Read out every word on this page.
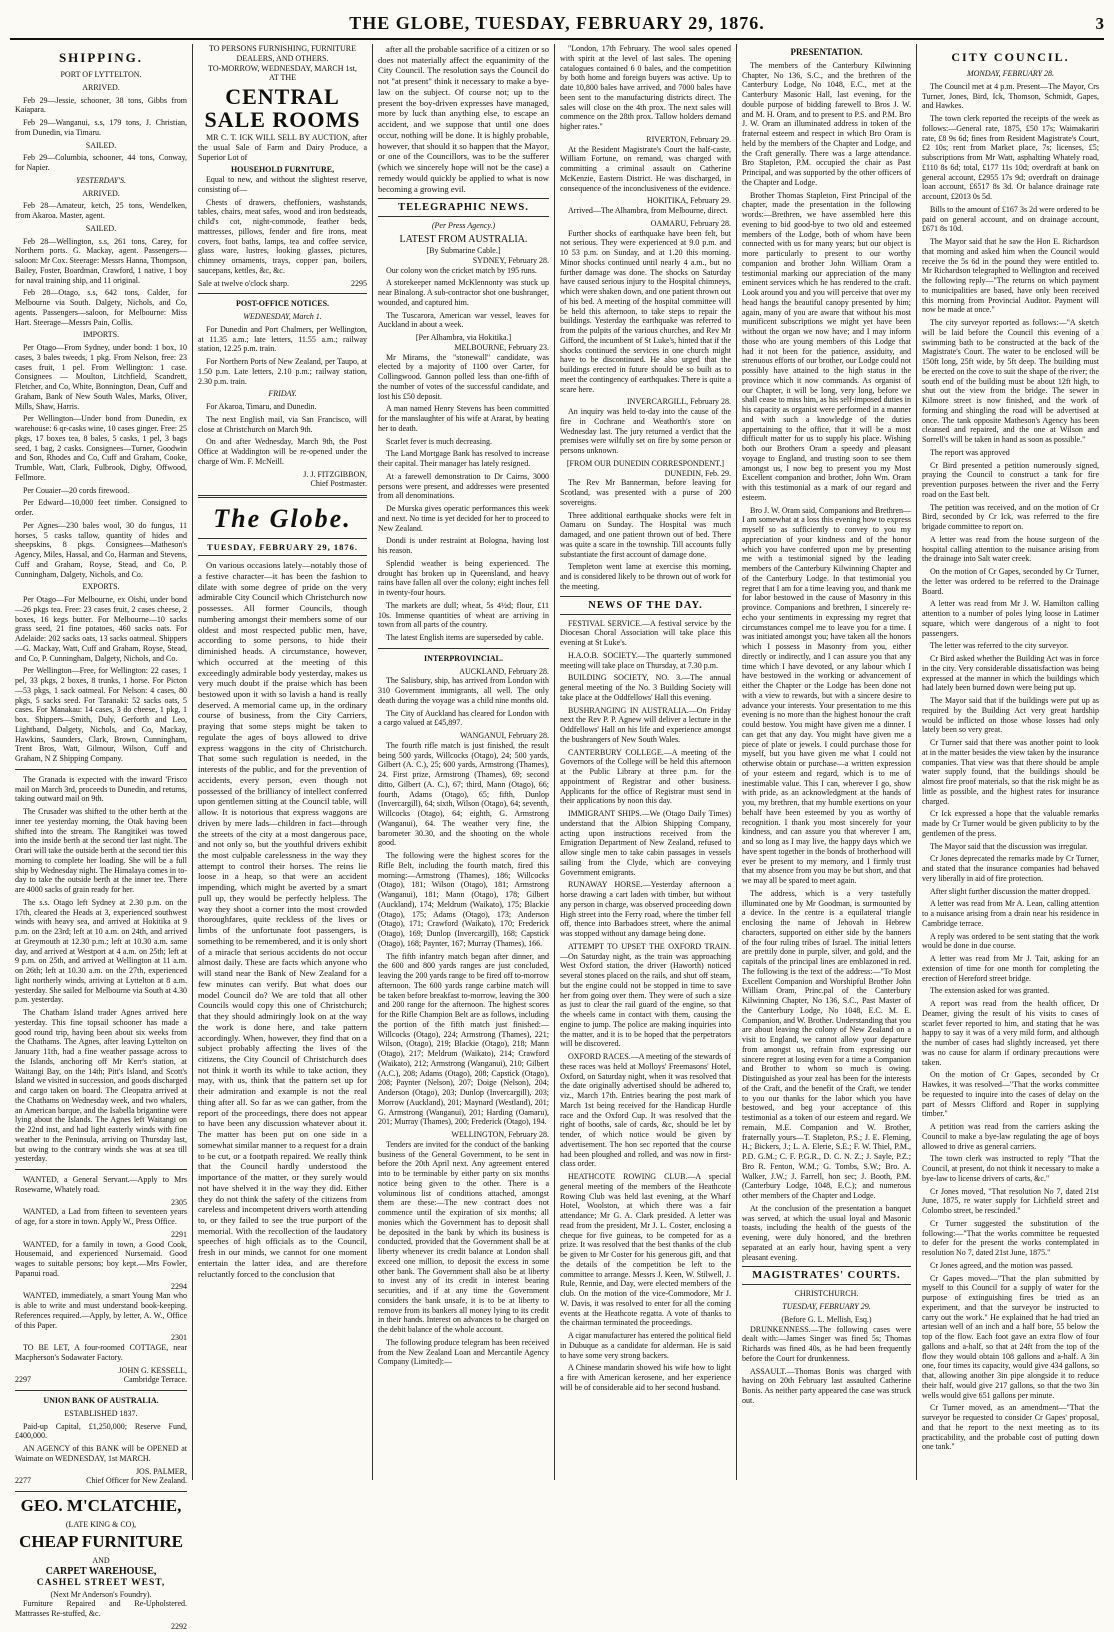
THE GLOBE, TUESDAY, FEBRUARY 29, 1876.	3
SHIPPING.
PORT OF LYTTELTON.
ARRIVED.

Feb 29—Jessie, schooner, 38 tons, Gibbs from Kaiapara.

Feb 29—Wanganui, s.s, 179 tons, J. Christian, from Dunedin, via Timaru.

SAILED.

Feb 29—Columbia, schooner, 44 tons, Conway, for Napier.

YESTERDAY'S.
ARRIVED.

Feb 28—Amateur, ketch, 25 tons, Wendelken, from Akaroa. Master, agent.

SAILED.

Feb 28—Wellington, s.s, 261 tons, Carey, for Northern ports. G. Mackay, agent. Passengers—saloon: Mr Cox. Steerage: Messrs Hanna, Thompson, Bailey, Foster, Boardman, Crawford, 1 native, 1 boy for naval training ship, and 11 original.

Feb 28—Otago, s.s, 642 tons, Calder, for Melbourne via South. Dalgety, Nichols, and Co, agents. Passengers—saloon, for Melbourne: Miss Hart. Steerage—Messrs Pain, Collis.

IMPORTS.

Per Otago—From Sydney, under bond: 1 box, 10 cases, 3 bales tweeds, 1 pkg. From Nelson, free: 23 cases fruit, 1 pel. From Wellington: 1 case. Consignees — Moulton, Litchfield, Scandrett, Fletcher, and Co, White, Bonnington, Dean, Cuff and Graham, Bank of New South Wales, Marks, Oliver, Mills, Shaw, Harris.

Per Wellington—Under bond from Dunedin, ex warehouse: 6 qr-casks wine, 10 cases ginger. Free: 25 pkgs, 17 boxes tea, 8 bales, 5 casks, 1 pel, 3 bags seed, 1 bag, 2 casks. Consignees—Turner, Goodwin and Son, Rhodes and Co, Cuff and Graham, Cooke, Trumble, Watt, Clark, Fulbrook, Digby, Offwood, Fellmore.

Per Couaier—20 cords firewood.

Per Edward—10,000 feet timber. Consigned to order.

Per Agnes—230 bales wool, 30 do fungus, 11 horses, 5 casks tallow, quantity of hides and sheepskins, 8 pkgs. Consignees—Matheson's Agency, Miles, Hassal, and Co, Harman and Stevens, Cuff and Graham, Royse, Stead, and Co, P. Cunningham, Dalgety, Nichols, and Co.

EXPORTS.

Per Otago—For Melbourne, ex Oishi, under bond—26 pkgs tea. Free: 23 cases fruit, 2 cases cheese, 2 boxes, 16 kegs butter. For Melbourne—10 sacks grass seed, 21 fine potatoes, 460 sacks oats. For Adelaide: 202 sacks oats, 13 sacks oatmeal. Shippers—G. Mackay, Watt, Cuff and Graham, Royse, Stead, and Co, P. Cunningham, Dalgety, Nichols, and Co.

Per Wellington—Free, for Wellington: 22 cases, 1 pel, 33 pkgs, 2 boxes, 8 trunks, 1 horse. For Picton —53 pkgs, 1 sack oatmeal. For Nelson: 4 cases, 80 pkgs, 5 sacks seed. For Taranaki: 52 sacks oats, 5 cases. For Manakau: 14 cases, 3 do cheese, 1 pkg, 1 box. Shippers—Smith, Duly, Gerforth and Leo, Lightband, Dalgety, Nichols, and Co, Mackay, Hawkins, Saunders, Clark, Brown, Cunningham, Trent Bros, Watt, Gilmour, Wilson, Cuff and Graham, N Z Shipping Company.

The Granada is expected with the inward 'Frisco mail on March 3rd, proceeds to Dunedin, and returns, taking outward mail on 9th.

The Crusader was shifted to the other berth at the inner tee yesterday morning, the Otak having been shifted into the stream. The Rangitikei was towed into the inside berth at the second tier last night. The Orari will take the outside berth at the second tier this morning to complete her loading. She will be a full ship by Wednesday night. The Himalaya comes in to-day to take the outside berth at the inner tee. There are 4000 sacks of grain ready for her.

The s.s. Otago left Sydney at 2.30 p.m. on the 17th, cleared the Heads at 3, experienced southwest winds with heavy sea, and arrived at Hokitika at 9 p.m. on the 23rd; left at 10 a.m. on 24th, and arrived at Greymouth at 12.30 p.m.; left at 10.30 a.m. same day, and arrived at Westport at 4 a.m. on 25th; left at 9 p.m. on 25th, and arrived at Wellington at 11 a.m. on 26th; left at 10.30 a.m. on the 27th, experienced light northerly winds, arriving at Lyttelton at 8 a.m. yesterday. She sailed for Melbourne via South at 4.30 p.m. yesterday.

The Chatham Island trader Agnes arrived here yesterday. This fine topsail schooner has made a good round trip, having been about six weeks from the Chathams. The Agnes, after leaving Lyttelton on January 11th, had a fine weather passage across to the Islands, anchoring off Mr Kerr's station, at Waitangi Bay, on the 14th; Pitt's Island, and Scott's Island we visited in succession, and goods discharged and cargo taken on board. The Cleopatra arrived at the Chathams on Wednesday week, and two whalers, an American barque, and the Isabella brigantine were lying about the Islands. The Agnes left Waitangi on the 22nd inst, and had light easterly winds with fine weather to the Peninsula, arriving on Thursday last, but owing to the contrary winds she was at sea till yesterday.

WANTED, a General Servant.—Apply to Mrs Rosewarne, Whately road.

2305

WANTED, a Lad from fifteen to seventeen years of age, for a store in town. Apply W., Press Office.

2291

WANTED, for a family in town, a Good Cook, Housemaid, and experienced Nursemaid. Good wages to suitable persons; boy kept.—Mrs Fowler, Papanui road.

2294

WANTED, immediately, a smart Young Man who is able to write and must understand book-keeping. References required.—Apply, by letter, A. W., Office of this Paper.

2301

TO BE LET, A four-roomed COTTAGE, near Macpherson's Sodawater Factory.

JOHN G. KESSELL,
2297	Cambridge Terrace.
UNION BANK OF AUSTRALIA.
ESTABLISHED 1837.

Paid-up Capital, £1,250,000; Reserve Fund, £400,000.

AN AGENCY of this BANK will be OPENED at Waimate on WEDNESDAY, 1st MARCH.

JOS. PALMER,
2277	Chief Officer for New Zealand.
GEO. M'CLATCHIE,
(LATE KING & CO),
CHEAP FURNITURE
AND
CARPET WAREHOUSE,
CASHEL STREET WEST,
(Next Mr Anderson's Foundry).

Furniture Repaired and Re-Upholstered. Mattrasses Re-stuffed, &c.

2292
TO PERSONS FURNISHING, FURNITURE DEALERS, AND OTHERS.
TO-MORROW, WEDNESDAY, MARCH 1st,
AT THE
CENTRAL SALE ROOMS

MR C. T. ICK WILL SELL BY AUCTION, after the usual Sale of Farm and Dairy Produce, a Superior Lot of

HOUSEHOLD FURNITURE,

Equal to new, and without the slightest reserve, consisting of—

Chests of drawers, cheffoniers, washstands, tables, chairs, meat safes, wood and iron bedsteads, child's cot, night-commode, feather beds, mattresses, pillows, fender and fire irons, meat covers, foot baths, lamps, tea and coffee service, glass ware, lustres, looking glasses, pictures, chimney ornaments, trays, copper pan, boilers, saucepans, kettles, &c, &c.

Sale at twelve o'clock sharp.	2295
POST-OFFICE NOTICES.
WEDNESDAY, March 1.

For Dunedin and Port Chalmers, per Wellington, at 11.35 a.m.; late letters, 11.55 a.m.; railway station, 12.25 p.m. train.

For Northern Ports of New Zealand, per Taupo, at 1.50 p.m. Late letters, 2.10 p.m.; railway station, 2.30 p.m. train.

FRIDAY.

For Akaroa, Timaru, and Dunedin.

The next English mail, via San Francisco, will close at Christchurch on March 9th.

On and after Wednesday, March 9th, the Post Office at Waddington will be re-opened under the charge of Wm. F. McNeill.

J. J. FITZGIBBON,
Chief Postmaster.
The Globe.
TUESDAY, FEBRUARY 29, 1876.

On various occasions lately—notably those of a festive character—it has been the fashion to dilate with some degree of pride on the very admirable City Council which Christchurch now possesses. All former Councils, though numbering amongst their members some of our oldest and most respected public men, have, according to some persons, to hide their diminished heads. A circumstance, however, which occurred at the meeting of this exceedingly admirable body yesterday, makes us very much doubt if the praise which has been bestowed upon it with so lavish a hand is really deserved. A memorial came up, in the ordinary course of business, from the City Carriers, praying that some steps might be taken to regulate the ages of boys allowed to drive express waggons in the city of Christchurch. That some such regulation is needed, in the interests of the public, and for the prevention of accidents, every person, even though not possessed of the brilliancy of intellect conferred upon gentlemen sitting at the Council table, will allow. It is notorious that express waggons are driven by mere lads—children in fact—through the streets of the city at a most dangerous pace, and not only so, but the youthful drivers exhibit the most culpable carelessness in the way they attempt to control their horses. The reins lie loose in a heap, so that were an accident impending, which might be averted by a smart pull up, they would be perfectly helpless. The way they shoot a corner into the most crowded thoroughfares, quite reckless of the lives or limbs of the unfortunate foot passengers, is something to be remembered, and it is only short of a miracle that serious accidents do not occur almost daily. These are facts which anyone who will stand near the Bank of New Zealand for a few minutes can verify. But what does our model Council do? We are told that all other Councils would copy this one of Christchurch; that they should admiringly look on at the way the work is done here, and take pattern accordingly. When, however, they find that on a subject probably affecting the lives of the citizens, the City Council of Christchurch does not think it worth its while to take action, they may, with us, think that the pattern set up for their admiration and example is not the real thing after all. So far as we can gather, from the report of the proceedings, there does not appear to have been any discussion whatever about it. The matter has been put on one side in a somewhat similar manner to a request for a drain to be cut, or a footpath repaired. We really think that the Council hardly understood the importance of the matter, or they surely would not have shelved it in the way they did. Either they do not think the safety of the citizens from careless and incompetent drivers worth attending to, or they failed to see the true purport of the memorial. With the recollection of the laudatory speeches of high officials as to the Council, fresh in our minds, we cannot for one moment entertain the latter idea, and are therefore reluctantly forced to the conclusion that

after all the probable sacrifice of a citizen or so does not materially affect the equanimity of the City Council. The resolution says the Council do not "at present" think it necessary to make a bye-law on the subject. Of course not; up to the present the boy-driven expresses have managed, more by luck than anything else, to escape an accident, and we suppose that until one does occur, nothing will be done. It is highly probable, however, that should it so happen that the Mayor, or one of the Councillors, was to be the sufferer (which we sincerely hope will not be the case) a remedy would quickly be applied to what is now becoming a growing evil.

TELEGRAPHIC NEWS.
(Per Press Agency.)
LATEST FROM AUSTRALIA.
[By Submarine Cable.]
SYDNEY, February 28.

Our colony won the cricket match by 195 runs.

A storekeeper named McKlennonty was stuck up near Binalong. A sub-contractor shot one bushranger, wounded, and captured him.

The Tuscarora, American war vessel, leaves for Auckland in about a week.

[Per Alhambra, via Hokitika.]
MELBOURNE, February 23.

Mr Mirams, the "stonewall" candidate, was elected by a majority of 1100 over Carter, for Collingwood. Gannon polled less than one-fifth of the number of votes of the successful candidate, and lost his £50 deposit.

A man named Henry Stevens has been committed for the manslaughter of his wife at Ararat, by beating her to death.

Scarlet fever is much decreasing.

The Land Mortgage Bank has resolved to increase their capital. Their manager has lately resigned.

At a farewell demonstration to Dr Cairns, 3000 persons were present, and addresses were presented from all denominations.

De Murska gives operatic performances this week and next. No time is yet decided for her to proceed to New Zealand.

Dondi is under restraint at Bologna, having lost his reason.

Splendid weather is being experienced. The drought has broken up in Queensland, and heavy rains have fallen all over the colony; eight inches fell in twenty-four hours.

The markets are dull; wheat, 5s 4½d; flour, £11 10s. Immense quantities of wheat are arriving in town from all parts of the country.

The latest English items are superseded by cable.

INTERPROVINCIAL.
AUCKLAND, February 28.

The Salisbury, ship, has arrived from London with 310 Government immigrants, all well. The only death during the voyage was a child nine months old.

The City of Auckland has cleared for London with a cargo valued at £45,897.

WANGANUI, February 28.

The fourth rifle match is just finished, the result being 500 yards, Willcocks (Otago), 24; 500 yards, Gilbert (A. C.), 25; 600 yards, Armstrong (Thames), 24. First prize, Armstrong (Thames), 69; second ditto, Gilbert (A. C.), 67; third, Mann (Otago), 66; fourth, Adams (Otago), 65; fifth, Dunlop (Invercargill), 64; sixth, Wilson (Otago), 64; seventh, Willcocks (Otago), 64; eighth, G. Armstrong (Wanganui), 64. The weather very fine, the barometer 30.30, and the shooting on the whole good.

The following were the highest scores for the Rifle Belt, including the fourth match, fired this morning:—Armstrong (Thames), 186; Willcocks (Otago), 181; Wilson (Otago), 181; Armstrong (Wanganui), 181; Mann (Otago), 178; Gilbert (Auckland), 174; Meldrum (Waikato), 175; Blackie (Otago), 175; Adams (Otago), 173; Anderson (Otago), 171; Crawford (Waikato), 170; Frederick (Otago), 169; Dunlop (Invercargill), 168; Capstick (Otago), 168; Paynter, 167; Murray (Thames), 166.

The fifth infantry match began after dinner, and the 600 and 800 yards ranges are just concluded, leaving the 200 yards range to be fired off to-morrow afternoon. The 600 yards range carbine match will be taken before breakfast to-morrow, leaving the 300 and 200 range for the afternoon. The highest scores for the Rifle Champion Belt are as follows, including the portion of the fifth match just finished:—Willcocks (Otago), 224; Armstrong (Thames), 221; Wilson, (Otago), 219; Blackie (Otago), 218; Mann (Otago), 217; Meldrum (Waikato), 214; Crawford (Waikato), 212; Armstrong (Wanganui), 210; Gilbert (A.C.), 208; Adams (Otago), 208; Capstick (Otago), 208; Paynter (Nelson), 207; Doige (Nelson), 204; Anderson (Otago), 203; Dunlop (Invercargill), 203; Morrow (Auckland), 201; Maynard (Westland), 201; G. Armstrong (Wanganui), 201; Harding (Oamaru), 201; Murray (Thames), 200; Frederick (Otago), 194.

WELLINGTON, February 28.

Tenders are invited for the conduct of the banking business of the General Government, to be sent in before the 20th April next. Any agreement entered into to be terminable by either party on six months notice being given to the other. There is a voluminous list of conditions attached, amongst them are these:—The new contract does not commence until the expiration of six months; all monies which the Government has to deposit shall be deposited in the bank by which its business is conducted, provided that the Government shall be at liberty whenever its credit balance at London shall exceed one million, to deposit the excess in some other bank. The Government shall also be at liberty to invest any of its credit in interest bearing securities, and if at any time the Government considers the bank unsafe, it is to be at liberty to remove from its bankers all money lying to its credit in their hands. Interest on advances to be charged on the debit balance of the whole account.

The following produce telegram has been received from the New Zealand Loan and Mercantile Agency Company (Limited):—

"London, 17th February. The wool sales opened with spirit at the level of last sales. The opening catalogues contained 6 0 bales, and the competition by both home and foreign buyers was active. Up to date 10,800 bales have arrived, and 7000 bales have been sent to the manufacturing districts direct. The sales will close on the 4th prox. The next sales will commence on the 28th prox. Tallow holders demand higher rates."

RIVERTON, February 29.

At the Resident Magistrate's Court the half-caste, William Fortune, on remand, was charged with committing a criminal assault on Catherine McKenzie, Eastern District. He was discharged, in consequence of the inconclusiveness of the evidence.

HOKITIKA, February 29.

Arrived—The Alhambra, from Melbourne, direct.

OAMARU, February 28.

Further shocks of earthquake have been felt, but not serious. They were experienced at 9.0 p.m. and 10 53 p.m. on Sunday, and at 1.20 this morning. Minor shocks continued until nearly 4 a.m., but no further damage was done. The shocks on Saturday have caused serious injury to the Hospital chimneys, which were shaken down, and one patient thrown out of his bed. A meeting of the hospital committee will be held this afternoon, to take steps to repair the buildings. Yesterday the earthquake was referred to from the pulpits of the various churches, and Rev Mr Gifford, the incumbent of St Luke's, hinted that if the shocks continued the services in one church might have to be discontinued. He also urged that the buildings erected in future should be so built as to meet the contingency of earthquakes. There is quite a scare here.

INVERCARGILL, February 28.

An inquiry was held to-day into the cause of the fire in Cochrane and Weathorth's store on Wednesday last. The jury returned a verdict that the premises were wilfully set on fire by some person or persons unknown.

[FROM OUR DUNEDIN CORRESPONDENT.]
DUNEDIN, Feb. 29.

The Rev Mr Bannerman, before leaving for Scotland, was presented with a purse of 200 sovereigns.

Three additional earthquake shocks were felt in Oamaru on Sunday. The Hospital was much damaged, and one patient thrown out of bed. There was quite a scare in the township. Till accounts fully substantiate the first account of damage done.

Templeton went lame at exercise this morning, and is considered likely to be thrown out of work for the meeting.

NEWS OF THE DAY.

FESTIVAL SERVICE.—A festival service by the Diocesan Choral Association will take place this evening at St Luke's.

H.A.O.B. SOCIETY.—The quarterly summoned meeting will take place on Thursday, at 7.30 p.m.

BUILDING SOCIETY, NO. 3.—The annual general meeting of the No. 3 Building Society will take place at the Oddfellows' Hall this evening.

BUSHRANGING IN AUSTRALIA.—On Friday next the Rev P. P. Agnew will deliver a lecture in the Oddfellows' Hall on his life and experience amongst the bushrangers of New South Wales.

CANTERBURY COLLEGE.—A meeting of the Governors of the College will be held this afternoon at the Public Library at three p.m. for the appointment of Registrar and other business. Applicants for the office of Registrar must send in their applications by noon this day.

IMMIGRANT SHIPS.—We (Otago Daily Times) understand that the Albion Shipping Company, acting upon instructions received from the Emigration Department of New Zealand, refused to allow single men to take cabin passages in vessels sailing from the Clyde, which are conveying Government emigrants.

RUNAWAY HORSE.—Yesterday afternoon a horse drawing a cart laden with timber, but without any person in charge, was observed proceeding down High street into the Ferry road, where the timber fell off, thence into Barbadoes street, where the animal was stopped without any damage being done.

ATTEMPT TO UPSET THE OXFORD TRAIN.—On Saturday night, as the train was approaching West Oxford station, the driver (Haworth) noticed several stones placed on the rails, and shut off steam, but the engine could not be stopped in time to save her from going over them. They were of such a size as just to clear the rail guard of the engine, so that the wheels came in contact with them, causing the engine to jump. The police are making inquiries into the matter, and it is to be hoped that the perpetrators will be discovered.

OXFORD RACES.—A meeting of the stewards of these races was held at Molloys' Freemasons' Hotel, Oxford, on Saturday night, when it was resolved that the date originally advertised should be adhered to, viz., March 17th. Entries bearing the post mark of March 1st being received for the Handicap Hurdle race and the Oxford Cup. It was resolved that the right of booths, sale of cards, &c, should be let by tender, of which notice would be given by advertisement. The hon sec reported that the course had been ploughed and rolled, and was now in first-class order.

HEATHCOTE ROWING CLUB.—A special general meeting of the members of the Heathcote Rowing Club was held last evening, at the Wharf Hotel, Woolston, at which there was a fair attendance; Mr G. A. Clark presided. A letter was read from the president, Mr J. L. Coster, enclosing a cheque for five guineas, to be competed for as a prize. It was resolved that the best thanks of the club be given to Mr Coster for his generous gift, and that the details of the competition be left to the committee to arrange. Messrs J. Keen, W. Stilwell, J. Rule, Rennie, and Day, were elected members of the club. On the motion of the vice-Commodore, Mr J. W. Davis, it was resolved to enter for all the coming events at the Heathcote regatta. A vote of thanks to the chairman terminated the proceedings.

A cigar manufacturer has entered the political field in Dubuque as a candidate for alderman. He is said to have some very strong backers.

A Chinese mandarin showed his wife how to light a fire with American kerosene, and her experience will be of considerable aid to her second husband.

PRESENTATION.

The members of the Canterbury Kilwinning Chapter, No 136, S.C., and the brethren of the Canterbury Lodge, No 1048, E.C., met at the Canterbury Masonic Hall, last evening, for the double purpose of bidding farewell to Bros J. W. and M. H. Oram, and to present to P.S. and P.M. Bro J. W. Oram an illuminated address in token of the fraternal esteem and respect in which Bro Oram is held by the members of the Chapter and Lodge, and the Craft generally. There was a large attendance. Bro Stapleton, P.M. occupied the chair as Past Principal, and was supported by the other officers of the Chapter and Lodge.

Brother Thomas Stapleton, First Principal of the chapter, made the presentation in the following words:—Brethren, we have assembled here this evening to bid good-bye to two old and esteemed members of the Lodge, both of whom have been connected with us for many years; but our object is more particularly to present to our worthy companion and brother John William Oram a testimonial marking our appreciation of the many eminent services which he has rendered to the craft. Look around you and you will perceive that over my head hangs the beautiful canopy presented by him; again, many of you are aware that without his most munificent subscriptions we might yet have been without the organ we now have; and I may inform those who are young members of this Lodge that had it not been for the patience, assiduity, and strenuous efforts of our brother, our Lodge could not possibly have attained to the high status in the province which it now commands. As organist of our Chapter, it will be long, very long, before we shall cease to miss him, as his self-imposed duties in his capacity as organist were performed in a manner and with such a knowledge of the duties appertaining to the office, that it will be a most difficult matter for us to supply his place. Wishing both our Brothers Oram a speedy and pleasant voyage to England, and trusting soon to see them amongst us, I now beg to present you my Most Excellent companion and brother, John Wm. Oram with this testimonial as a mark of our regard and esteem.

Bro J. W. Oram said, Companions and Brethren—I am somewhat at a loss this evening how to express myself so as sufficiently to convey to you my appreciation of your kindness and of the honor which you have conferred upon me by presenting me with a testimonial signed by the leading members of the Canterbury Kilwinning Chapter and of the Canterbury Lodge. In that testimonial you regret that I am for a time leaving you, and thank me for labor bestowed in the cause of Masonry in this province. Companions and brethren, I sincerely re-echo your sentiments in expressing my regret that circumstances compel me to leave you for a time. I was initiated amongst you; have taken all the honors which I possess in Masonry from you, either directly or indirectly, and I can assure you that any time which I have devoted, or any labour which I have bestowed in the working or advancement of either the Chapter or the Lodge has been done not with a view to rewards, but with a sincere desire to advance your interests. Your presentation to me this evening is no more than the highest honour the craft could bestow. You might have given me a dinner. I can get that any day. You might have given me a piece of plate or jewels. I could purchase those for myself, but you have given me what I could not otherwise obtain or purchase—a written expression of your esteem and regard, which is to me of inestimable value. This I can, wherever I go, show with pride, as an acknowledgment at the hands of you, my brethren, that my humble exertions on your behalf have been esteemed by you as worthy of recognition. I thank you most sincerely for your kindness, and can assure you that wherever I am, and so long as I may live, the happy days which we have spent together in the bonds of brotherhood will ever be present to my memory, and I firmly trust that my absence from you may be but short, and that we may all be spared to meet again.

The address, which is a very tastefully illuminated one by Mr Goodman, is surmounted by a device. In the centre is a equilateral triangle enclosing the name of Jehovah in Hebrew characters, supported on either side by the banners of the four ruling tribes of Israel. The initial letters are prettily done in purple, silver, and gold, and the capitals of the principal lines are emblazoned in red. The following is the text of the address:—"To Most Excellent Companion and Worshipful Brother John William Oram, Princ.pal of the Canterbury Kilwinning Chapter, No 136, S.C., Past Master of the Canterbury Lodge, No 1048, E.C. M. E. Companion, and W. Brother. Understanding that you are about leaving the colony of New Zealand on a visit to England, we cannot allow your departure from amongst us, refrain from expressing our sincere regret at losing even for a time a Companion and Brother to whom so much is owing. Distinguished as your zeal has been for the interests of the Craft, and the benefit of the Craft, we tender to you our thanks for the labor which you have bestowed, and beg your acceptance of this testimonial as a token of our esteem and regard. We remain, M.E. Companion and W. Brother, fraternally yours—T. Stapleton, P.S.; J. E. Fleming, H.; Bickers, J.; L. A. Elerie, S.E.; F. W. Thiel, P.M., P.D. G.M.; C. F. P.G.R., D. C. N. Z.; J. Sayle, P.Z.; Bro R. Fenton, W.M.; G. Tombs, S.W.; Bro. A. Walker, J.W.; J. Farrell, hon sec; J. Booth, P.M. (Canterbury Lodge, 1048, E.C.); and numerous other members of the Chapter and Lodge.

At the conclusion of the presentation a banquet was served, at which the usual loyal and Masonic toasts, including the health of the guests of the evening, were duly honored, and the brethren separated at an early hour, having spent a very pleasant evening.

MAGISTRATES' COURTS.
CHRISTCHURCH.
TUESDAY, FEBRUARY 29.
(Before G. L. Mellish, Esq.)

DRUNKENNESS.—The following cases were dealt with:—James Singer was fined 5s; Thomas Richards was fined 40s, as he had been frequently before the Court for drunkenness.

ASSAULT.—Thomas Bonis was charged with having on 20th February last assaulted Catherine Bonis. As neither party appeared the case was struck out.

CITY COUNCIL.
MONDAY, FEBRUARY 28.

The Council met at 4 p.m. Present—The Mayor, Crs Turner, Jones, Bird, Ick, Thomson, Schmidt, Gapes, and Hawkes.

The town clerk reported the receipts of the week as follows:—General rate, 1875, £50 17s; Waimakariri rate, £8 9s 6d; fines from Resident Magistrate's Court, £2 10s; rent from Market place, 7s; licenses, £5; subscriptions from Mr Watt, asphalting Whately road, £110 8s 6d; total, £177 11s 10d; overdraft at bank on general account, £2955 17s 9d; overdraft on drainage loan account, £6517 8s 3d. Or balance drainage rate account, £2013 0s 5d.

Bills to the amount of £167 3s 2d were ordered to be paid on general account, and on drainage account, £671 8s 10d.

The Mayor said that he saw the Hon E. Richardson that morning and asked him when the Council would receive the 5s 6d in the pound they were entitled to. Mr Richardson telegraphed to Wellington and received the following reply—"The returns on which payment to municipalities are based, have only been received this morning from Provincial Auditor. Payment will now be made at once."

The city surveyor reported as follows:—"A sketch will be laid before the Council this evening of a swimming bath to be constructed at the back of the Magistrate's Court. The water to be enclosed will be 150ft long, 25ft wide, by 5ft deep. The building must be erected on the cove to suit the shape of the river; the south end of the building must be about 12ft high, to shut out the view from the bridge. The sewer in Kilmore street is now finished, and the work of forming and shingling the road will be advertised at once. The tank opposite Matheson's Agency has been cleansed and repaired, and the one at Wilson and Sorrell's will be taken in hand as soon as possible."

The report was approved

Cr Bird presented a petition numerously signed, praying the Council to construct a tank for fire prevention purposes between the river and the Ferry road on the East belt.

The petition was received, and on the motion of Cr Bird, seconded by Cr Ick, was referred to the fire brigade committee to report on.

A letter was read from the house surgeon of the hospital calling attention to the nuisance arising from the drainage into Salt water creek.

On the motion of Cr Gapes, seconded by Cr Turner, the letter was ordered to be referred to the Drainage Board.

A letter was read from Mr J. W. Hamilton calling attention to a number of poles lying loose in Latimer square, which were dangerous of a night to foot passengers.

The letter was referred to the city surveyor.

Cr Bird asked whether the Building Act was in force in the city. Very considerable dissatisfaction was being expressed at the manner in which the buildings which had lately been burned down were being put up.

The Mayor said that if the buildings were put up as required by the Building Act very great hardship would be inflicted on those whose losses had only lately been so very great.

Cr Turner said that there was another point to look at in the matter besides the view taken by the insurance companies. That view was that there should be ample water supply found, that the buildings should be almost fire proof materials, so that the risk might be as little as possible, and the highest rates for insurance charged.

Cr Ick expressed a hope that the valuable remarks made by Cr Turner would be given publicity to by the gentlemen of the press.

The Mayor said that the discussion was irregular.

Cr Jones deprecated the remarks made by Cr Turner, and stated that the insurance companies had behaved very liberally in aid of fire protection.

After slight further discussion the matter dropped.

A letter was read from Mr A. Lean, calling attention to a nuisance arising from a drain near his residence in Cambridge terrace.

A reply was ordered to be sent stating that the work would be done in due course.

A letter was read from Mr J. Tait, asking for an extension of time for one month for completing the erection of Hereford street bridge.

The extension asked for was granted.

A report was read from the health officer, Dr Deamer, giving the result of his visits to cases of scarlet fever reported to him, and stating that he was happy to say it was of a very mild form, and although the number of cases had slightly increased, yet there was no cause for alarm if ordinary precautions were taken.

On the motion of Cr Gapes, seconded by Cr Hawkes, it was resolved—"That the works committee be requested to inquire into the cases of delay on the part of Messrs Clifford and Roper in supplying timber."

A petition was read from the carriers asking the Council to make a bye-law regulating the age of boys allowed to drive as general carriers.

The town clerk was instructed to reply "That the Council, at present, do not think it necessary to make a bye-law to license drivers of carts, &c."

Cr Jones moved, "That resolution No 7, dated 21st June, 1875, re water supply for Lichfield street and Colombo street, be rescinded."

Cr Turner suggested the substitution of the following:—"That the works committee be requested to defer for the present the works contemplated in resolution No 7, dated 21st June, 1875."

Cr Jones agreed, and the motion was passed.

Cr Gapes moved—"That the plan submitted by myself to this Council for a supply of water for the purpose of extinguishing fires be tried as an experiment, and that the surveyor be instructed to carry out the work." He explained that he had tried an artesian well of an inch and a half bore, 55 below the top of the flow. Each foot gave an extra flow of four gallons and a-half, so that at 24ft from the top of the flow they would obtain 108 gallons and a-half. A 3in one, four times its capacity, would give 434 gallons, so that, allowing another 3in pipe alongside it to reduce their half, would give 217 gallons, so that the two 3in wells would give 651 gallons per minute.

Cr Turner moved, as an amendment—"That the surveyor be requested to consider Cr Gapes' proposal, and that he report to the next meeting as to its practicability, and the probable cost of putting down one tank."
